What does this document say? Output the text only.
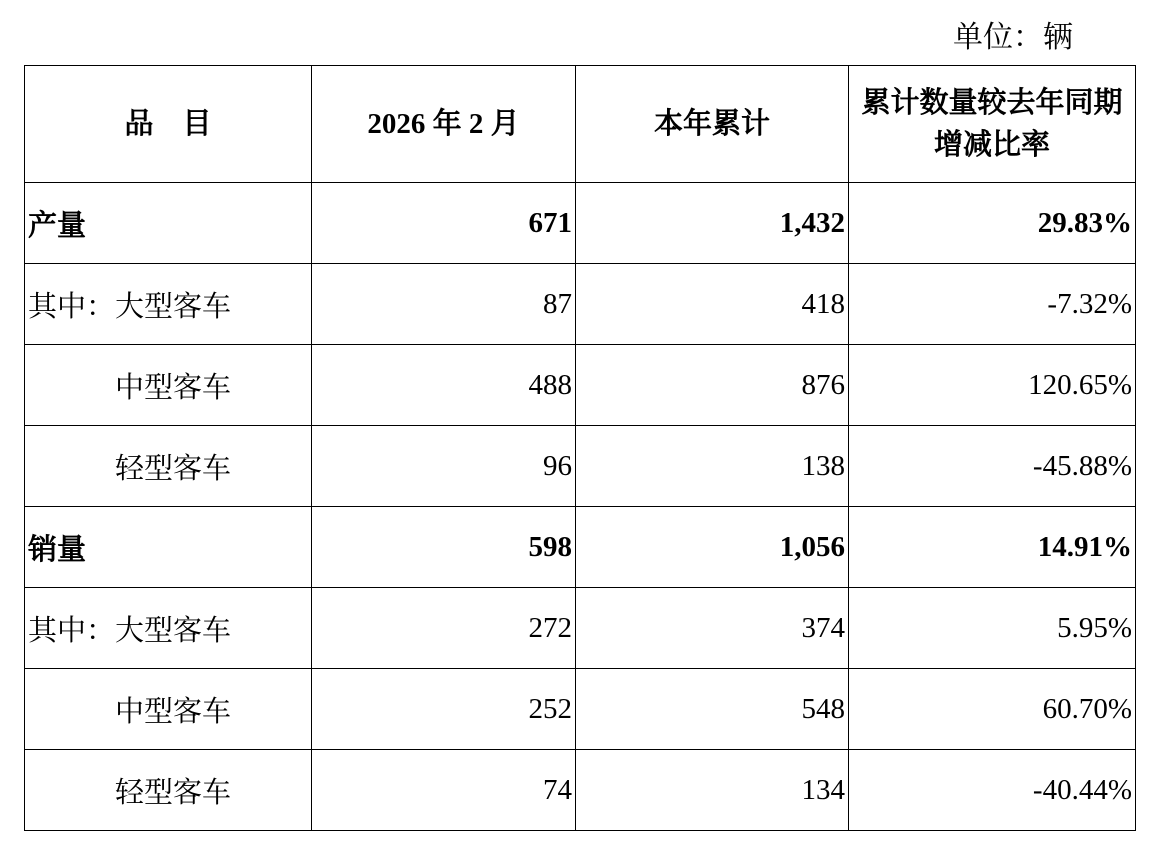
单位：辆
品　目	2026 年 2 月	本年累计	累计数量较去年同期增减比率
产量	671	1,432	29.83%
其中：大型客车	87	418	-7.32%
中型客车	488	876	120.65%
轻型客车	96	138	-45.88%
销量	598	1,056	14.91%
其中：大型客车	272	374	5.95%
中型客车	252	548	60.70%
轻型客车	74	134	-40.44%
